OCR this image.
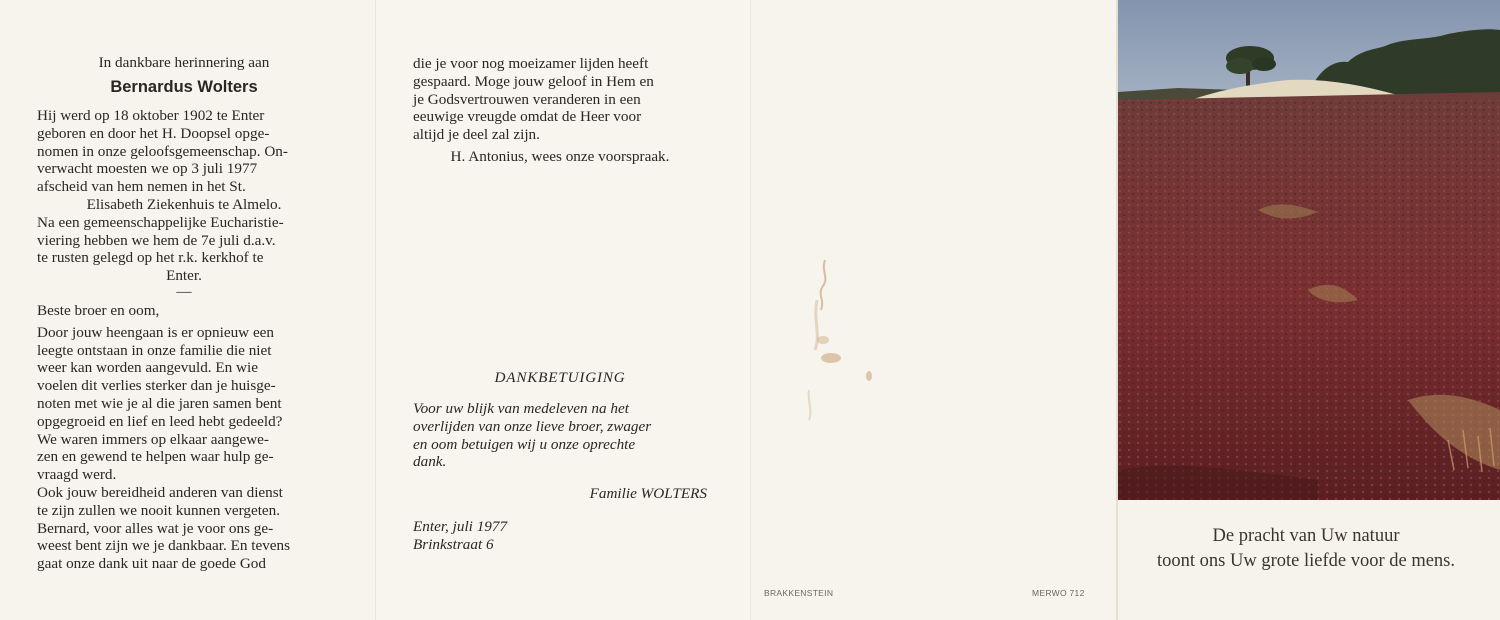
In dankbare herinnering aan

Bernardus Wolters

Hij werd op 18 oktober 1902 te Enter
geboren en door het H. Doopsel opge-
nomen in onze geloofsgemeenschap. On-
verwacht moesten we op 3 juli 1977
afscheid van hem nemen in het St.
Elisabeth Ziekenhuis te Almelo.
Na een gemeenschappelijke Eucharistie-
viering hebben we hem de 7e juli d.a.v.
te rusten gelegd op het r.k. kerkhof te
Enter.

—

Beste broer en oom,
Door jouw heengaan is er opnieuw een
leegte ontstaan in onze familie die niet
weer kan worden aangevuld. En wie
voelen dit verlies sterker dan je huisge-
noten met wie je al die jaren samen bent
opgegroeid en lief en leed hebt gedeeld?
We waren immers op elkaar aangewe-
zen en gewend te helpen waar hulp ge-
vraagd werd.
Ook jouw bereidheid anderen van dienst
te zijn zullen we nooit kunnen vergeten.
Bernard, voor alles wat je voor ons ge-
weest bent zijn we je dankbaar. En tevens
gaat onze dank uit naar de goede God
die je voor nog moeizamer lijden heeft
gespaard. Moge jouw geloof in Hem en
je Godsvertrouwen veranderen in een
eeuwige vreugde omdat de Heer voor
altijd je deel zal zijn.
H. Antonius, wees onze voorspraak.

DANKBETUIGING

Voor uw blijk van medeleven na het
overlijden van onze lieve broer, zwager
en oom betuigen wij u onze oprechte
dank.

Familie WOLTERS

Enter, juli 1977
Brinkstraat 6
BRAKKENSTEIN	MERWO 712
De pracht van Uw natuur
toont ons Uw grote liefde voor de mens.
